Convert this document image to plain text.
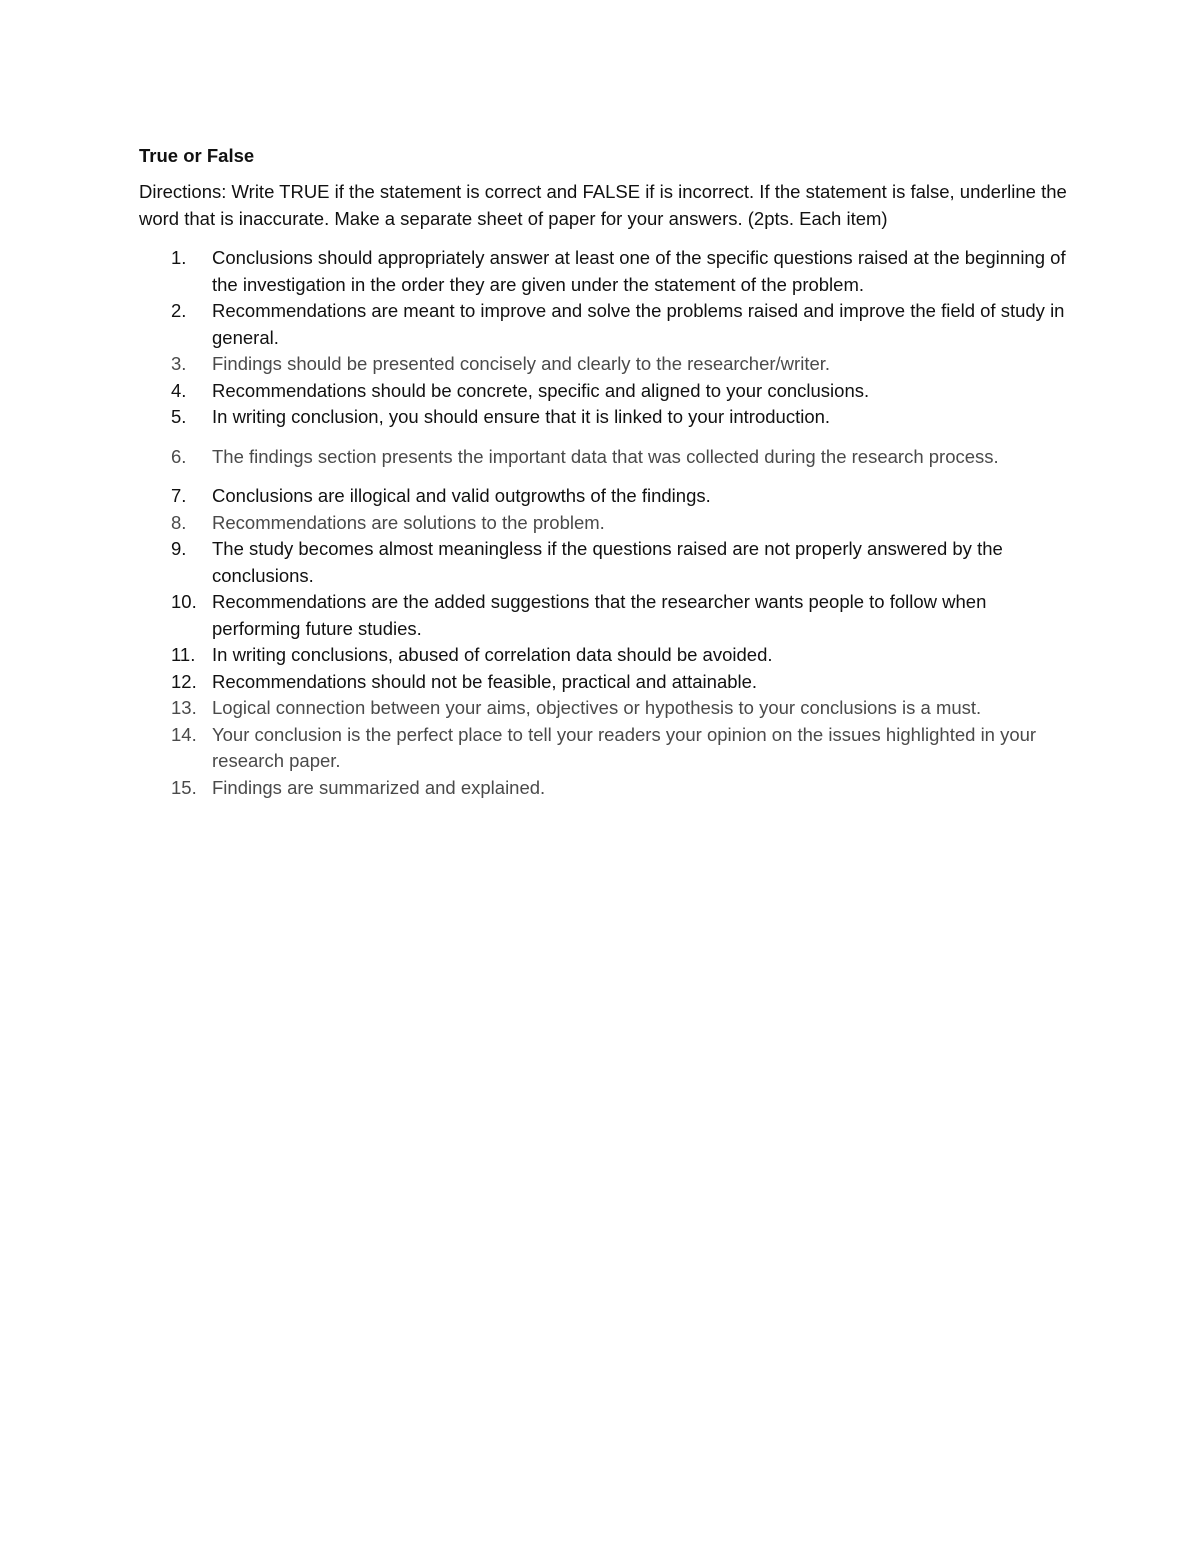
True or False
Directions: Write TRUE if the statement is correct and FALSE if is incorrect. If the statement is false, underline the word that is inaccurate. Make a separate sheet of paper for your answers. (2pts. Each item)
1.	Conclusions should appropriately answer at least one of the specific questions raised at the beginning of the investigation in the order they are given under the statement of the problem.
2.	Recommendations are meant to improve and solve the problems raised and improve the field of study in general.
3.	Findings should be presented concisely and clearly to the researcher/writer.
4.	Recommendations should be concrete, specific and aligned to your conclusions.
5.	In writing conclusion, you should ensure that it is linked to your introduction.
6.	The findings section presents the important data that was collected during the research process.
7.	Conclusions are illogical and valid outgrowths of the findings.
8.	Recommendations are solutions to the problem.
9.	The study becomes almost meaningless if the questions raised are not properly answered by the conclusions.
10. Recommendations are the added suggestions that the researcher wants people to follow when performing future studies.
11. In writing conclusions, abused of correlation data should be avoided.
12. Recommendations should not be feasible, practical and attainable.
13. Logical connection between your aims, objectives or hypothesis to your conclusions is a must.
14. Your conclusion is the perfect place to tell your readers your opinion on the issues highlighted in your research paper.
15. Findings are summarized and explained.
